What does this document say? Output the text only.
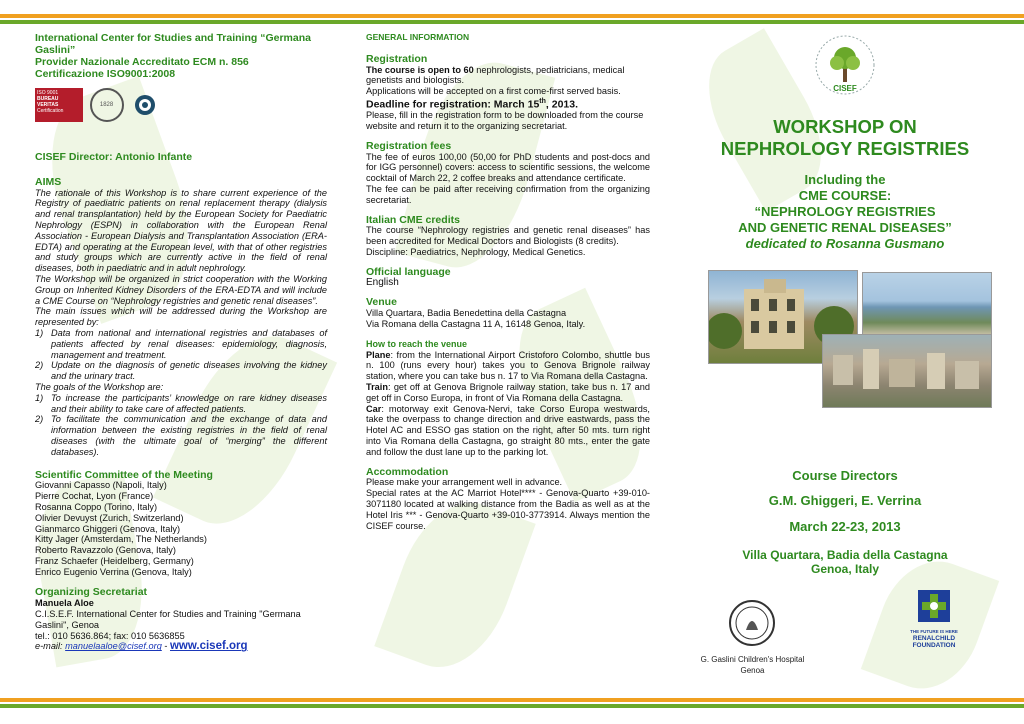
International Center for Studies and Training “Germana
Gaslini”
Provider Nazionale Accreditato ECM n. 856
Certificazione ISO9001:2008
ISO 9001
BUREAU VERITAS
Certification
1828
CISEF Director: Antonio Infante
AIMS

The rationale of this Workshop is to share current experience of the Registry of paediatric patients on renal replacement therapy (dialysis and renal transplantation) held by the European Society for Paediatric Nephrology (ESPN) in collaboration with the European Renal Association - European Dialysis and Transplantation Association (ERA-EDTA) and operating at the European level, with that of other registries and study groups which are currently active in the field of renal diseases, both in paediatric and in adult nephrology.

The Workshop will be organized in strict cooperation with the Working Group on Inherited Kidney Disorders of the ERA-EDTA and will include a CME Course on “Nephrology registries and genetic renal diseases”.

The main issues which will be addressed during the Workshop are represented by:

1) Data from national and international registries and databases of patients affected by renal diseases: epidemiology, diagnosis, management and treatment.
2) Update on the diagnosis of genetic diseases involving the kidney and the urinary tract.

The goals of the Workshop are:

1) To increase the participants’ knowledge on rare kidney diseases and their ability to take care of affected patients.
2) To facilitate the communication and the exchange of data and information between the existing registries in the field of renal diseases (with the ultimate goal of “merging” the different databases).
Scientific Committee of the Meeting
Giovanni Capasso (Napoli, Italy)
Pierre Cochat, Lyon (France)
Rosanna Coppo (Torino, Italy)
Olivier Devuyst (Zurich, Switzerland)
Gianmarco Ghiggeri (Genova, Italy)
Kitty Jager (Amsterdam, The Netherlands)
Roberto Ravazzolo (Genova, Italy)
Franz Schaefer (Heidelberg, Germany)
Enrico Eugenio Verrina (Genova, Italy)
Organizing Secretariat
Manuela Aloe
C.I.S.E.F. International Center for Studies and Training "Germana
Gaslini", Genoa
tel.: 010 5636.864; fax: 010 5636855
e-mail: manuelaaloe@cisef.org - www.cisef.org
GENERAL INFORMATION
Registration
The course is open to 60 nephrologists, pediatricians, medical genetists and biologists.
Applications will be accepted on a first come-first served basis.
Deadline for registration: March 15th, 2013.
Please, fill in the registration form to be downloaded from the course website and return it to the organizing secretariat.
Registration fees

The fee of euros 100,00 (50,00 for PhD students and post-docs and for IGG personnel) covers: access to scientific sessions, the welcome cocktail of March 22, 2 coffee breaks and attendance certificate.

The fee can be paid after receiving confirmation from the organizing secretariat.

Italian CME credits

The course “Nephrology registries and genetic renal diseases” has been accredited for Medical Doctors and Biologists (8 credits).

Discipline: Paediatrics, Nephrology, Medical Genetics.
Official language
English
Venue
Villa Quartara, Badia Benedettina della Castagna
Via Romana della Castagna 11 A, 16148 Genoa, Italy.
How to reach the venue

Plane: from the International Airport Cristoforo Colombo, shuttle bus n. 100 (runs every hour) takes you to Genova Brignole railway station, where you can take bus n. 17 to Via Romana della Castagna.

Train: get off at Genova Brignole railway station, take bus n. 17 and get off in Corso Europa, in front of Via Romana della Castagna.

Car: motorway exit Genova-Nervi, take Corso Europa westwards, take the overpass to change direction and drive eastwards, pass the Hotel AC and ESSO gas station on the right, after 50 mts. turn right into Via Romana della Castagna, go straight 80 mts., enter the gate and follow the dust lane up to the parking lot.

Accommodation
Please make your arrangement well in advance.

Special rates at the AC Marriot Hotel**** - Genova-Quarto +39-010-3071180 located at walking distance from the Badia as well as at the Hotel Iris *** - Genova-Quarto +39-010-3773914. Always mention the CISEF course.

CISEF
WORKSHOP ON
NEPHROLOGY REGISTRIES
Including the
CME COURSE:
“NEPHROLOGY REGISTRIES
AND GENETIC RENAL DISEASES”
dedicated to Rosanna Gusmano
Course Directors
G.M. Ghiggeri, E. Verrina
March 22-23, 2013
Villa Quartara, Badia della Castagna
Genoa, Italy
G. Gaslini Children's Hospital
Genoa
THE FUTURE IS HERE
RENALCHILD
FOUNDATION
